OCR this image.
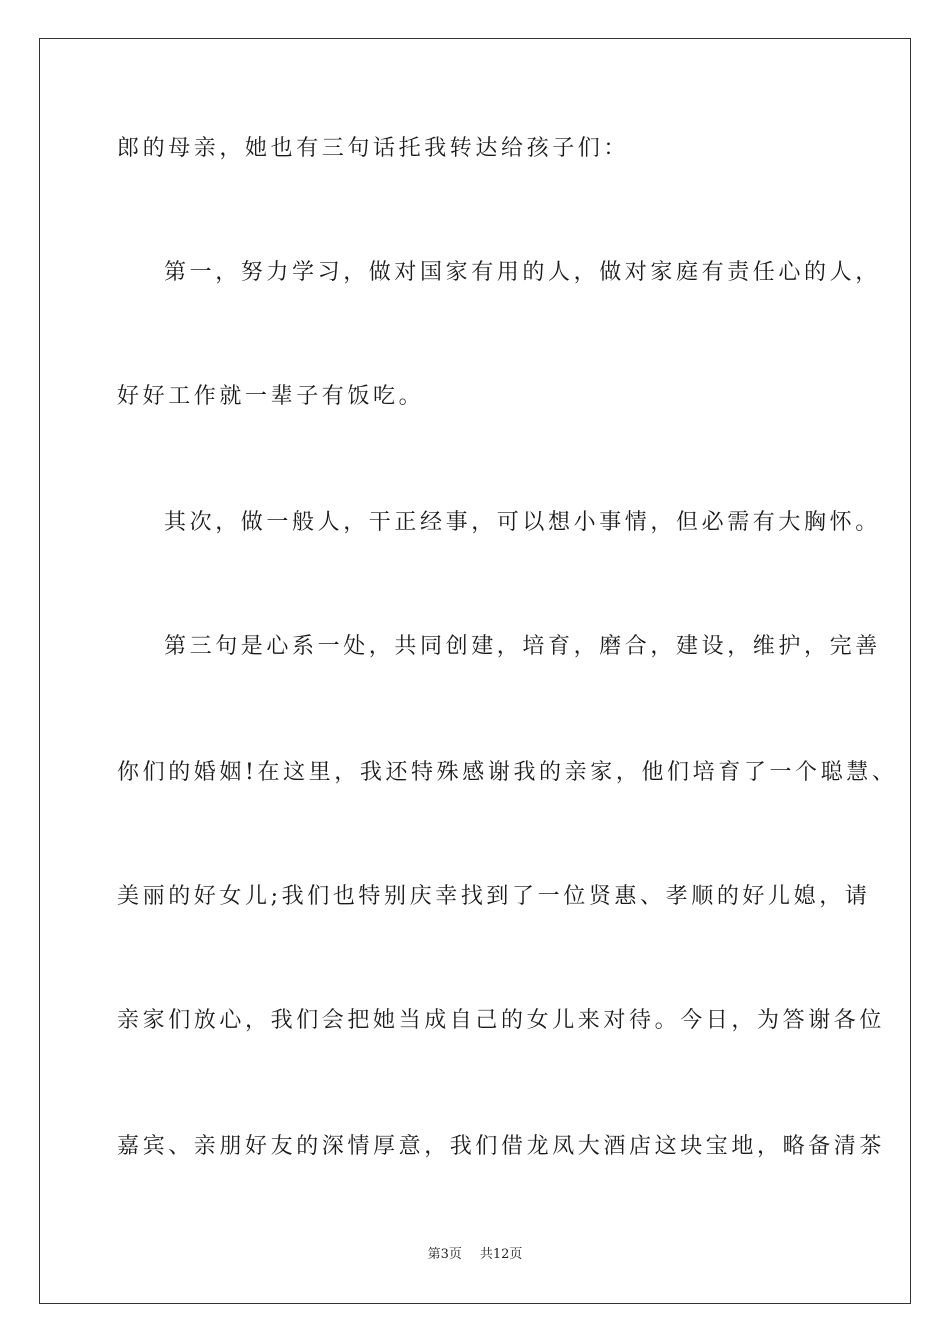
郎的母亲，她也有三句话托我转达给孩子们：
第一，努力学习，做对国家有用的人，做对家庭有责任心的人，
好好工作就一辈子有饭吃。
其次，做一般人，干正经事，可以想小事情，但必需有大胸怀。
第三句是心系一处，共同创建，培育，磨合，建设，维护，完善
你们的婚姻!在这里，我还特殊感谢我的亲家，他们培育了一个聪慧、
美丽的好女儿;我们也特别庆幸找到了一位贤惠、孝顺的好儿媳，请
亲家们放心，我们会把她当成自己的女儿来对待。今日，为答谢各位
嘉宾、亲朋好友的深情厚意，我们借龙凤大酒店这块宝地，略备清茶
第3页 共12页
